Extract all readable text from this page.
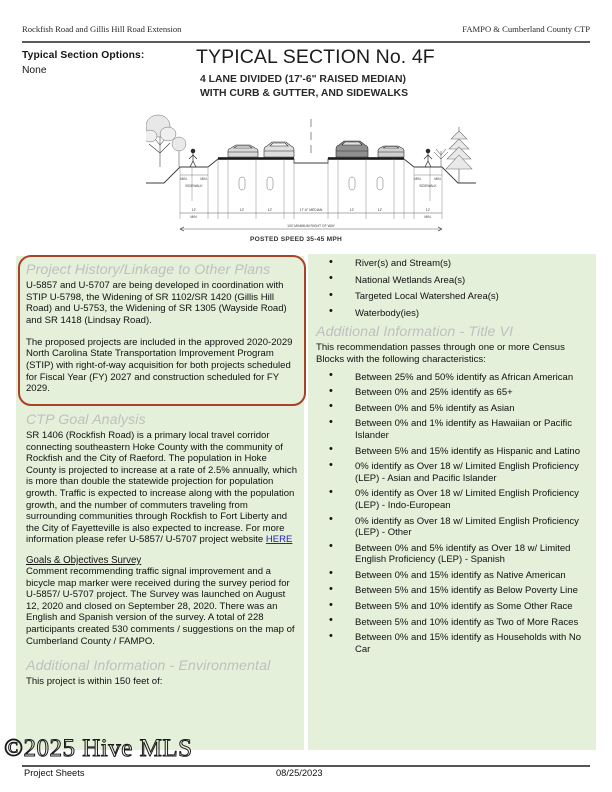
Rockfish Road and Gillis Hill Road Extension	FAMPO & Cumberland County CTP
Typical Section Options:
None
TYPICAL SECTION No. 4F
4 LANE DIVIDED (17'-6" RAISED MEDIAN)
WITH CURB & GUTTER, AND SIDEWALKS
SIDEWALK
12'
MIN.
12'	12'	17'-6" MEDIAN	12'	12'
SIDEWALK
12'
MIN.
100' MINIMUM RIGHT OF WAY
MIN.	MIN.	MIN.	MIN.
POSTED SPEED 35-45 MPH
Project History/Linkage to Other Plans

U-5857 and U-5707 are being developed in coordination with STIP U-5798, the Widening of SR 1102/SR 1420 (Gillis Hill Road) and U-5753, the Widening of SR 1305 (Wayside Road) and SR 1418 (Lindsay Road).

The proposed projects are included in the approved 2020-2029 North Carolina State Transportation Improvement Program (STIP) with right-of-way acquisition for both projects scheduled for Fiscal Year (FY) 2027 and construction scheduled for FY 2029.

CTP Goal Analysis

SR 1406 (Rockfish Road) is a primary local travel corridor connecting southeastern Hoke County with the community of Rockfish and the City of Raeford. The population in Hoke County is projected to increase at a rate of 2.5% annually, which is more than double the statewide projection for population growth. Traffic is expected to increase along with the population growth, and the number of commuters traveling from surrounding communities through Rockfish to Fort Liberty and the City of Fayetteville is also expected to increase. For more information please refer U-5857/ U-5707 project website HERE

Goals & Objectives Survey

Comment recommending traffic signal improvement and a bicycle map marker were received during the survey period for U-5857/ U-5707 project. The Survey was launched on August 12, 2020 and closed on September 28, 2020. There was an English and Spanish version of the survey. A total of 228 participants created 530 comments / suggestions on the map of Cumberland County / FAMPO.

Additional Information - Environmental

This project is within 150 feet of:

• River(s) and Stream(s)
• National Wetlands Area(s)
• Targeted Local Watershed Area(s)
• Waterbody(ies)
Additional Information - Title VI

This recommendation passes through one or more Census Blocks with the following characteristics:

• Between 25% and 50% identify as African American
• Between 0% and 25% identify as 65+
• Between 0% and 5% identify as Asian
• Between 0% and 1% identify as Hawaiian or Pacific Islander
• Between 5% and 15% identify as Hispanic and Latino
• 0% identify as Over 18 w/ Limited English Proficiency (LEP) - Asian and Pacific Islander
• 0% identify as Over 18 w/ Limited English Proficiency (LEP) - Indo-European
• 0% identify as Over 18 w/ Limited English Proficiency (LEP) - Other
• Between 0% and 5% identify as Over 18 w/ Limited English Proficiency (LEP) - Spanish
• Between 0% and 15% identify as Native American
• Between 5% and 15% identify as Below Poverty Line
• Between 5% and 10% identify as Some Other Race
• Between 5% and 10% identify as Two of More Races
• Between 0% and 15% identify as Households with No Car
Project Sheets	08/25/2023
